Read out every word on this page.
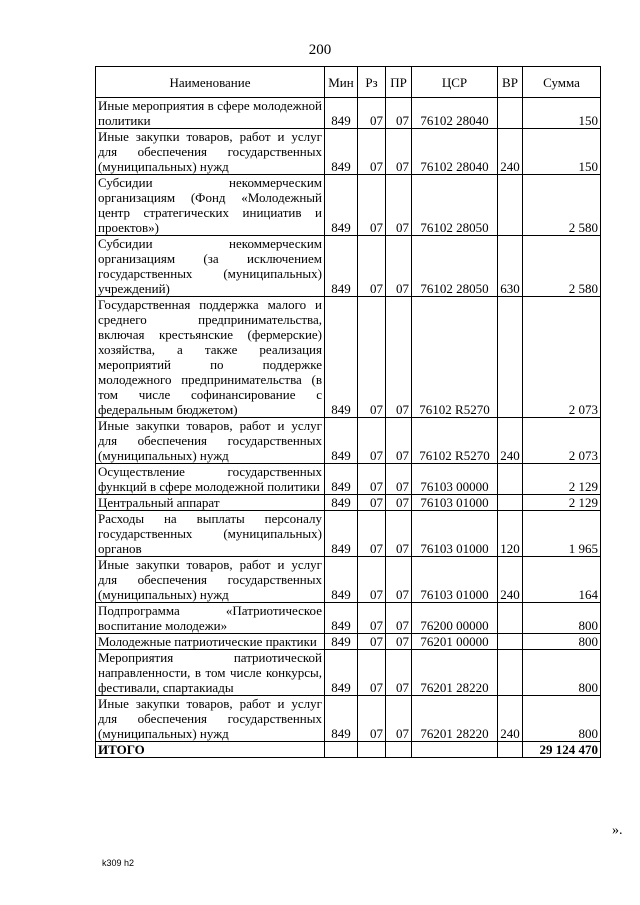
200
Наименование	Мин	Рз	ПР	ЦСР	ВР	Сумма
Иные мероприятия в сфере молодежной политики	849	07	07	76102 28040		150
Иные закупки товаров, работ и услуг для обеспечения государственных (муниципальных) нужд	849	07	07	76102 28040	240	150
Субсидии некоммерческим организациям (Фонд «Молодежный центр стратегических инициатив и проектов»)	849	07	07	76102 28050		2 580
Субсидии некоммерческим организациям (за исключением государственных (муниципальных) учреждений)	849	07	07	76102 28050	630	2 580
Государственная поддержка малого и среднего предпринимательства, включая крестьянские (фермерские) хозяйства, а также реализация мероприятий по поддержке молодежного предпринимательства (в том числе софинансирование с федеральным бюджетом)	849	07	07	76102 R5270		2 073
Иные закупки товаров, работ и услуг для обеспечения государственных (муниципальных) нужд	849	07	07	76102 R5270	240	2 073
Осуществление государственных функций в сфере молодежной политики	849	07	07	76103 00000		2 129
Центральный аппарат	849	07	07	76103 01000		2 129
Расходы на выплаты персоналу государственных (муниципальных) органов	849	07	07	76103 01000	120	1 965
Иные закупки товаров, работ и услуг для обеспечения государственных (муниципальных) нужд	849	07	07	76103 01000	240	164
Подпрограмма «Патриотическое воспитание молодежи»	849	07	07	76200 00000		800
Молодежные патриотические практики	849	07	07	76201 00000		800
Мероприятия патриотической направленности, в том числе конкурсы, фестивали, спартакиады	849	07	07	76201 28220		800
Иные закупки товаров, работ и услуг для обеспечения государственных (муниципальных) нужд	849	07	07	76201 28220	240	800
ИТОГО						29 124 470
».
k309 h2
